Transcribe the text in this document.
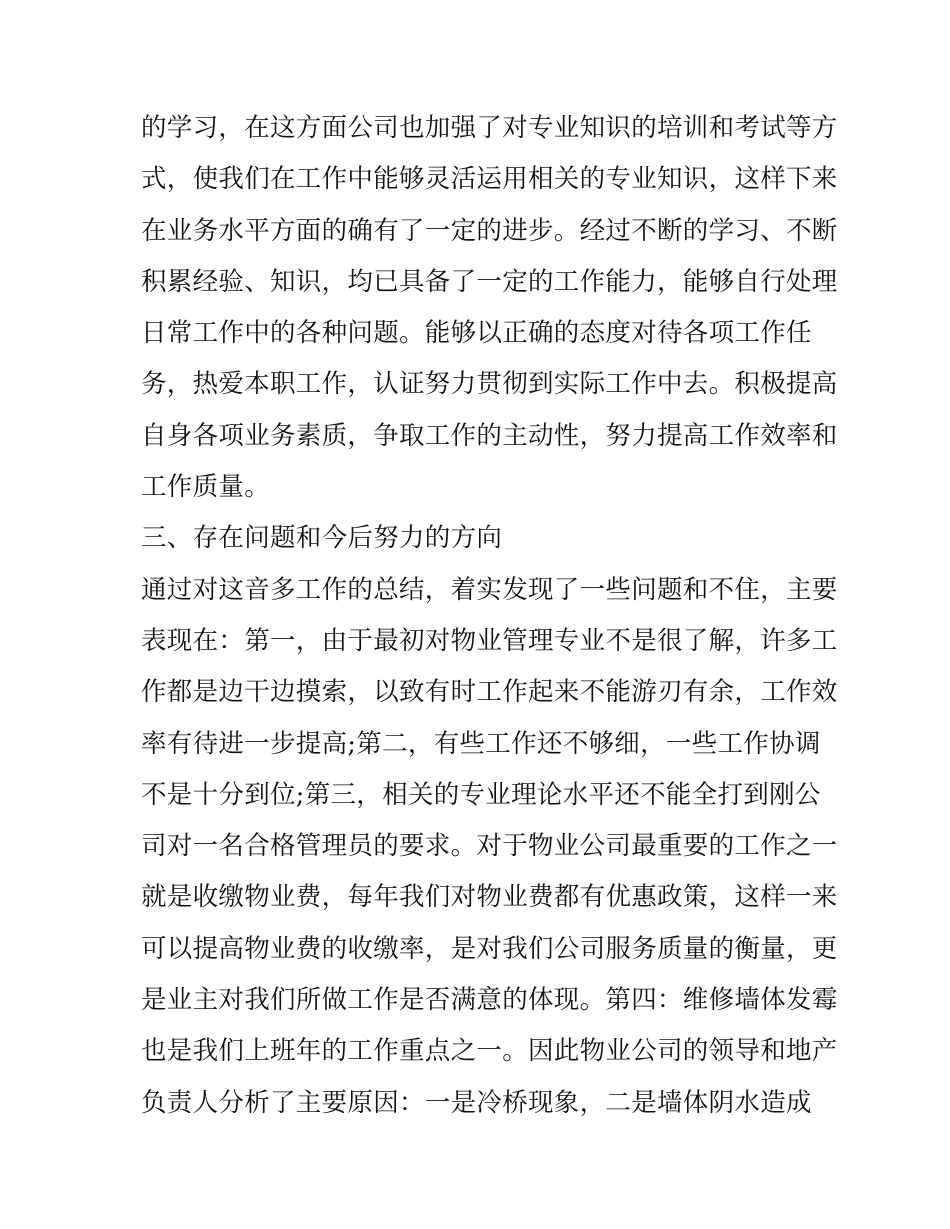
的学习，在这方面公司也加强了对专业知识的培训和考试等方
式，使我们在工作中能够灵活运用相关的专业知识，这样下来
在业务水平方面的确有了一定的进步。经过不断的学习、不断
积累经验、知识，均已具备了一定的工作能力，能够自行处理
日常工作中的各种问题。能够以正确的态度对待各项工作任
务，热爱本职工作，认证努力贯彻到实际工作中去。积极提高
自身各项业务素质，争取工作的主动性，努力提高工作效率和
工作质量。
三、存在问题和今后努力的方向
通过对这音多工作的总结，着实发现了一些问题和不住，主要
表现在：第一，由于最初对物业管理专业不是很了解，许多工
作都是边干边摸索，以致有时工作起来不能游刃有余，工作效
率有待进一步提高;第二，有些工作还不够细，一些工作协调
不是十分到位;第三，相关的专业理论水平还不能全打到刚公
司对一名合格管理员的要求。对于物业公司最重要的工作之一
就是收缴物业费，每年我们对物业费都有优惠政策，这样一来
可以提高物业费的收缴率，是对我们公司服务质量的衡量，更
是业主对我们所做工作是否满意的体现。第四：维修墙体发霉
也是我们上班年的工作重点之一。因此物业公司的领导和地产
负责人分析了主要原因：一是冷桥现象，二是墙体阴水造成
